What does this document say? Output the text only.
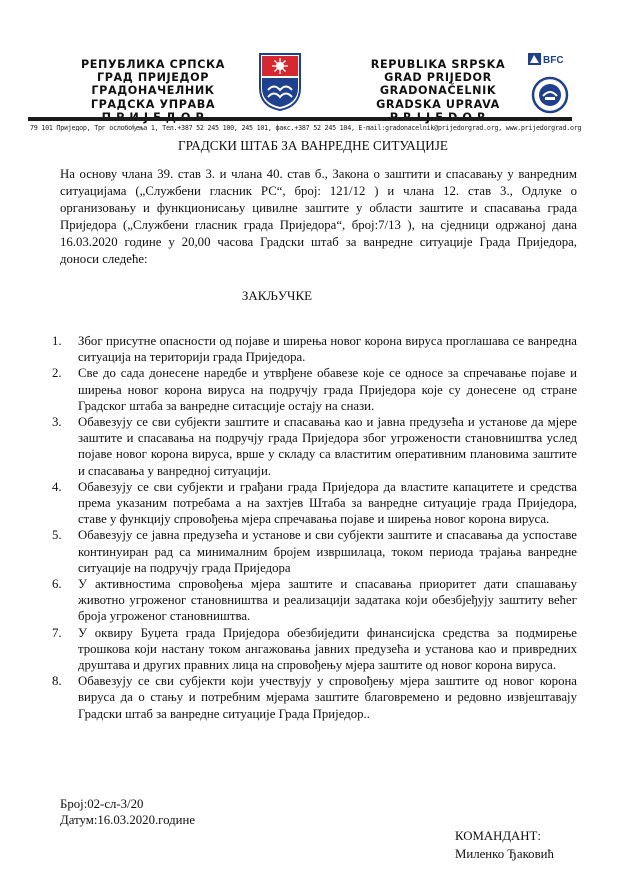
РЕПУБЛИКА СРПСКА
ГРАД ПРИЈЕДОР
ГРАДОНАЧЕЛНИК
ГРАДСКА УПРАВА
REPUBLIKA SRPSKA
GRAD PRIJEDOR
GRADONAČELNIK
GRADSKA UPRAVA
BFC
79 101 Приједор, Трг ослобођења 1, Тел.+387 52 245 100, 245 101, факс.+387 52 245 104, E-mail:gradonacelnik@prijedorgrad.org, www.prijedorgrad.org
ГРАДСКИ ШТАБ ЗА ВАНРЕДНЕ СИТУАЦИЈЕ
На основу члана 39. став 3. и члана 40. став б., Закона о заштити и спасавању у ванредним ситуацијама („Службени гласник РС“, број: 121/12 ) и члана 12. став 3., Одлуке о организовању и функционисању цивилне заштите у области заштите и спасавања града Приједора („Службени гласник града Приједора“, број:7/13 ), на сједници одржаној дана 16.03.2020 године у 20,00 часова Градски штаб за ванредне ситуације Града Приједора, доноси следеће:
ЗАКЉУЧКЕ
1. Због присутне опасности од појаве и ширења новог корона вируса проглашава се ванредна ситуација на територији града Приједора.
2. Све до сада донесене наредбе и утврђене обавезе које се односе за спречавање појаве и ширења новог корона вируса на подручју града Приједора које су донесене од стране Градског штаба за ванредне ситасције остају на снази.
3. Обавезују се сви субјекти заштите и спасавања као и јавна предузећа и установе да мјере заштите и спасавања на подручју града Приједора због угрожености становништва услед појаве новог корона вируса, врше у складу са властитим оперативним плановима заштите и спасавања у ванредној ситуацији.
4. Обавезују се сви субјекти и грађани града Приједора да властите капацитете и средства према указаним потребама а на захтјев Штаба за ванредне ситуације града Приједора, ставе у функцију спровођења мјера спречавања појаве и ширења новог корона вируса.
5. Обавезују се јавна предузећа и установе и сви субјекти заштите и спасавања да успоставе континуиран рад са минималним бројем извршилаца, током периода трајања ванредне ситуације на подручју града Приједора
6. У активностима спровођења мјера заштите и спасавања приоритет дати спашавању животно угроженог становништва и реализацији задатака који обезбјеђују заштиту већег броја угроженог становништва.
7. У оквиру Буџета града Приједора обезбиједити финансијска средства за подмирење трошкова који настану током ангажовања јавних предузећа и установа као и привредних друштава и других правних лица на спровођењу мјера заштите од новог корона вируса.
8. Обавезују се сви субјекти који учествују у спровођењу мјера заштите од новог корона вируса да о стању и потребним мјерама заштите благовремено и редовно извјештавају Градски штаб за ванредне ситуације Града Приједор..
Број:02-сл-3/20
Датум:16.03.2020.године
КОМАНДАНТ:
Миленко Ђаковић
